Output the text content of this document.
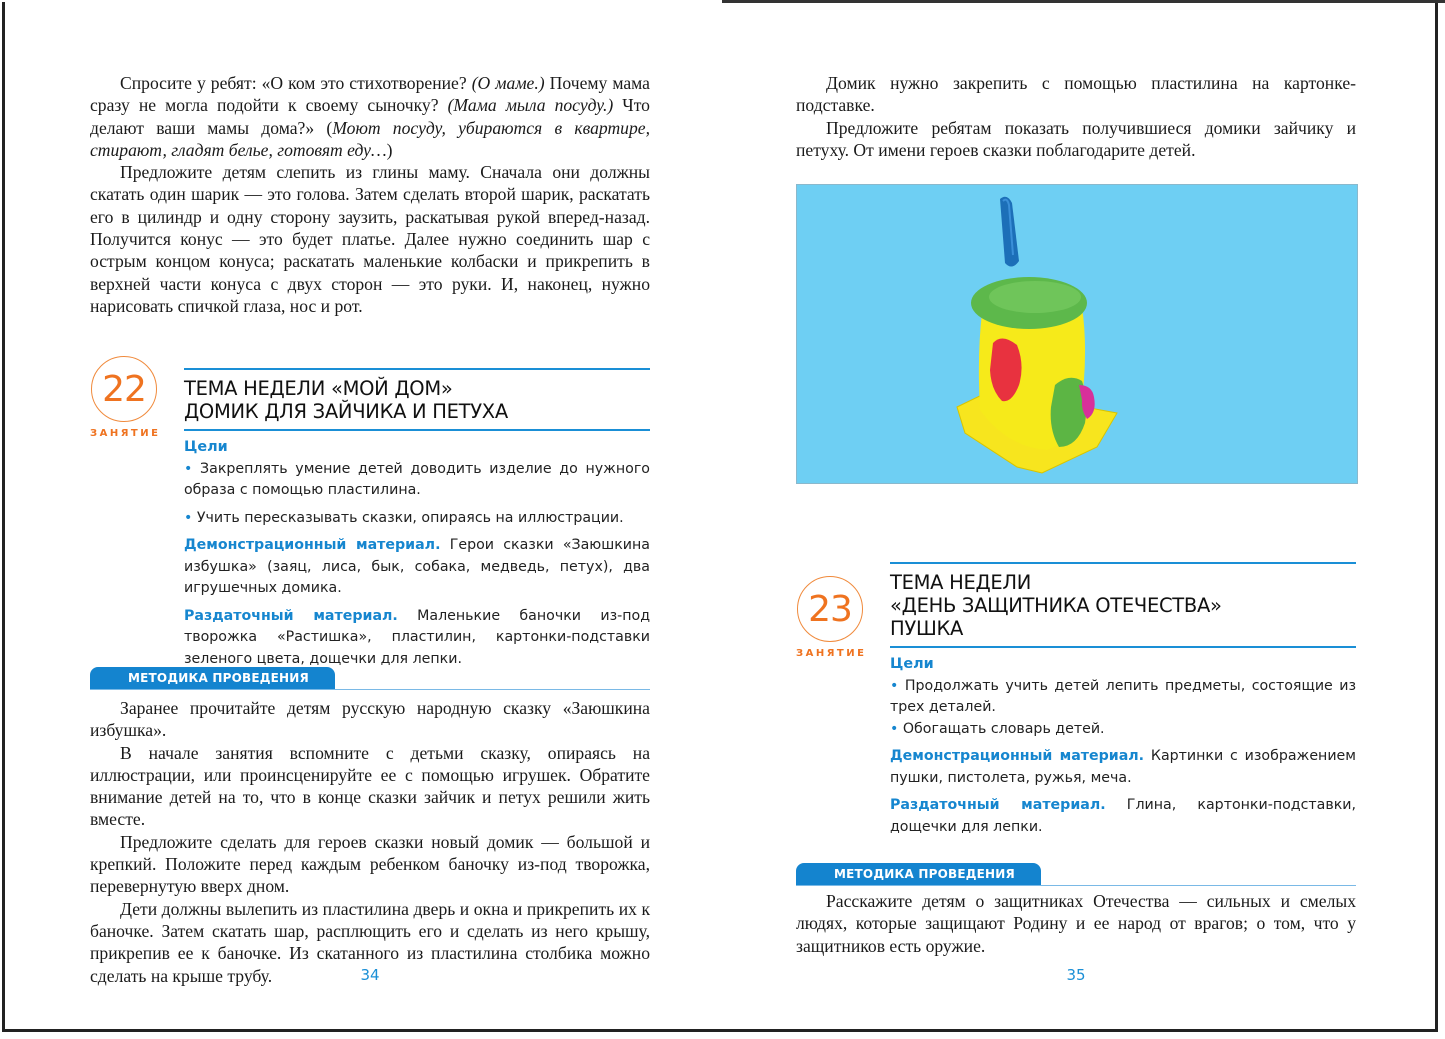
Спросите у ребят: «О ком это стихотворение? (О маме.) Почему мама сразу не могла подойти к своему сыночку? (Мама мыла посуду.) Что делают ваши мамы дома?» (Моют посуду, убираются в квартире, стирают, гладят белье, готовят еду…)

Предложите детям слепить из глины маму. Сначала они должны скатать один шарик — это голова. Затем сделать второй шарик, раскатать его в цилиндр и одну сторону заузить, раскатывая рукой вперед-назад. Получится конус — это будет платье. Далее нужно соединить шар с острым концом конуса; раскатать маленькие колбаски и прикрепить в верхней части конуса с двух сторон — это руки. И, наконец, нужно нарисовать спичкой глаза, нос и рот.

22
ЗАНЯТИЕ
ТЕМА НЕДЕЛИ «МОЙ ДОМ»
ДОМИК ДЛЯ ЗАЙЧИКА И ПЕТУХА
Цели
• Закреплять умение детей доводить изделие до нужного образа с помощью пластилина.
• Учить пересказывать сказки, опираясь на иллюстрации.
Демонстрационный материал. Герои сказки «Заюшкина избушка» (заяц, лиса, бык, собака, медведь, петух), два игрушечных домика.
Раздаточный материал. Маленькие баночки из-под творожка «Растишка», пластилин, картонки-подставки зеленого цвета, дощечки для лепки.
МЕТОДИКА ПРОВЕДЕНИЯ

Заранее прочитайте детям русскую народную сказку «Заюшкина избушка».

В начале занятия вспомните с детьми сказку, опираясь на иллюстрации, или проинсценируйте ее с помощью игрушек. Обратите внимание детей на то, что в конце сказки зайчик и петух решили жить вместе.

Предложите сделать для героев сказки новый домик — большой и крепкий. Положите перед каждым ребенком баночку из-под творожка, перевернутую вверх дном.

Дети должны вылепить из пластилина дверь и окна и прикрепить их к баночке. Затем скатать шар, расплющить его и сделать из него крышу, прикрепив ее к баночке. Из скатанного из пластилина столбика можно сделать на крыше трубу.	34

Домик нужно закрепить с помощью пластилина на картонке-подставке.

Предложите ребятам показать получившиеся домики зайчику и петуху. От имени героев сказки поблагодарите детей.

23
ЗАНЯТИЕ
ТЕМА НЕДЕЛИ
«ДЕНЬ ЗАЩИТНИКА ОТЕЧЕСТВА»
ПУШКА
Цели
• Продолжать учить детей лепить предметы, состоящие из трех деталей.
• Обогащать словарь детей.
Демонстрационный материал. Картинки с изображением пушки, пистолета, ружья, меча.
Раздаточный материал. Глина, картонки-подставки, дощечки для лепки.
МЕТОДИКА ПРОВЕДЕНИЯ

Расскажите детям о защитниках Отечества — сильных и смелых людях, которые защищают Родину и ее народ от врагов; о том, что у защитников есть оружие.

35
